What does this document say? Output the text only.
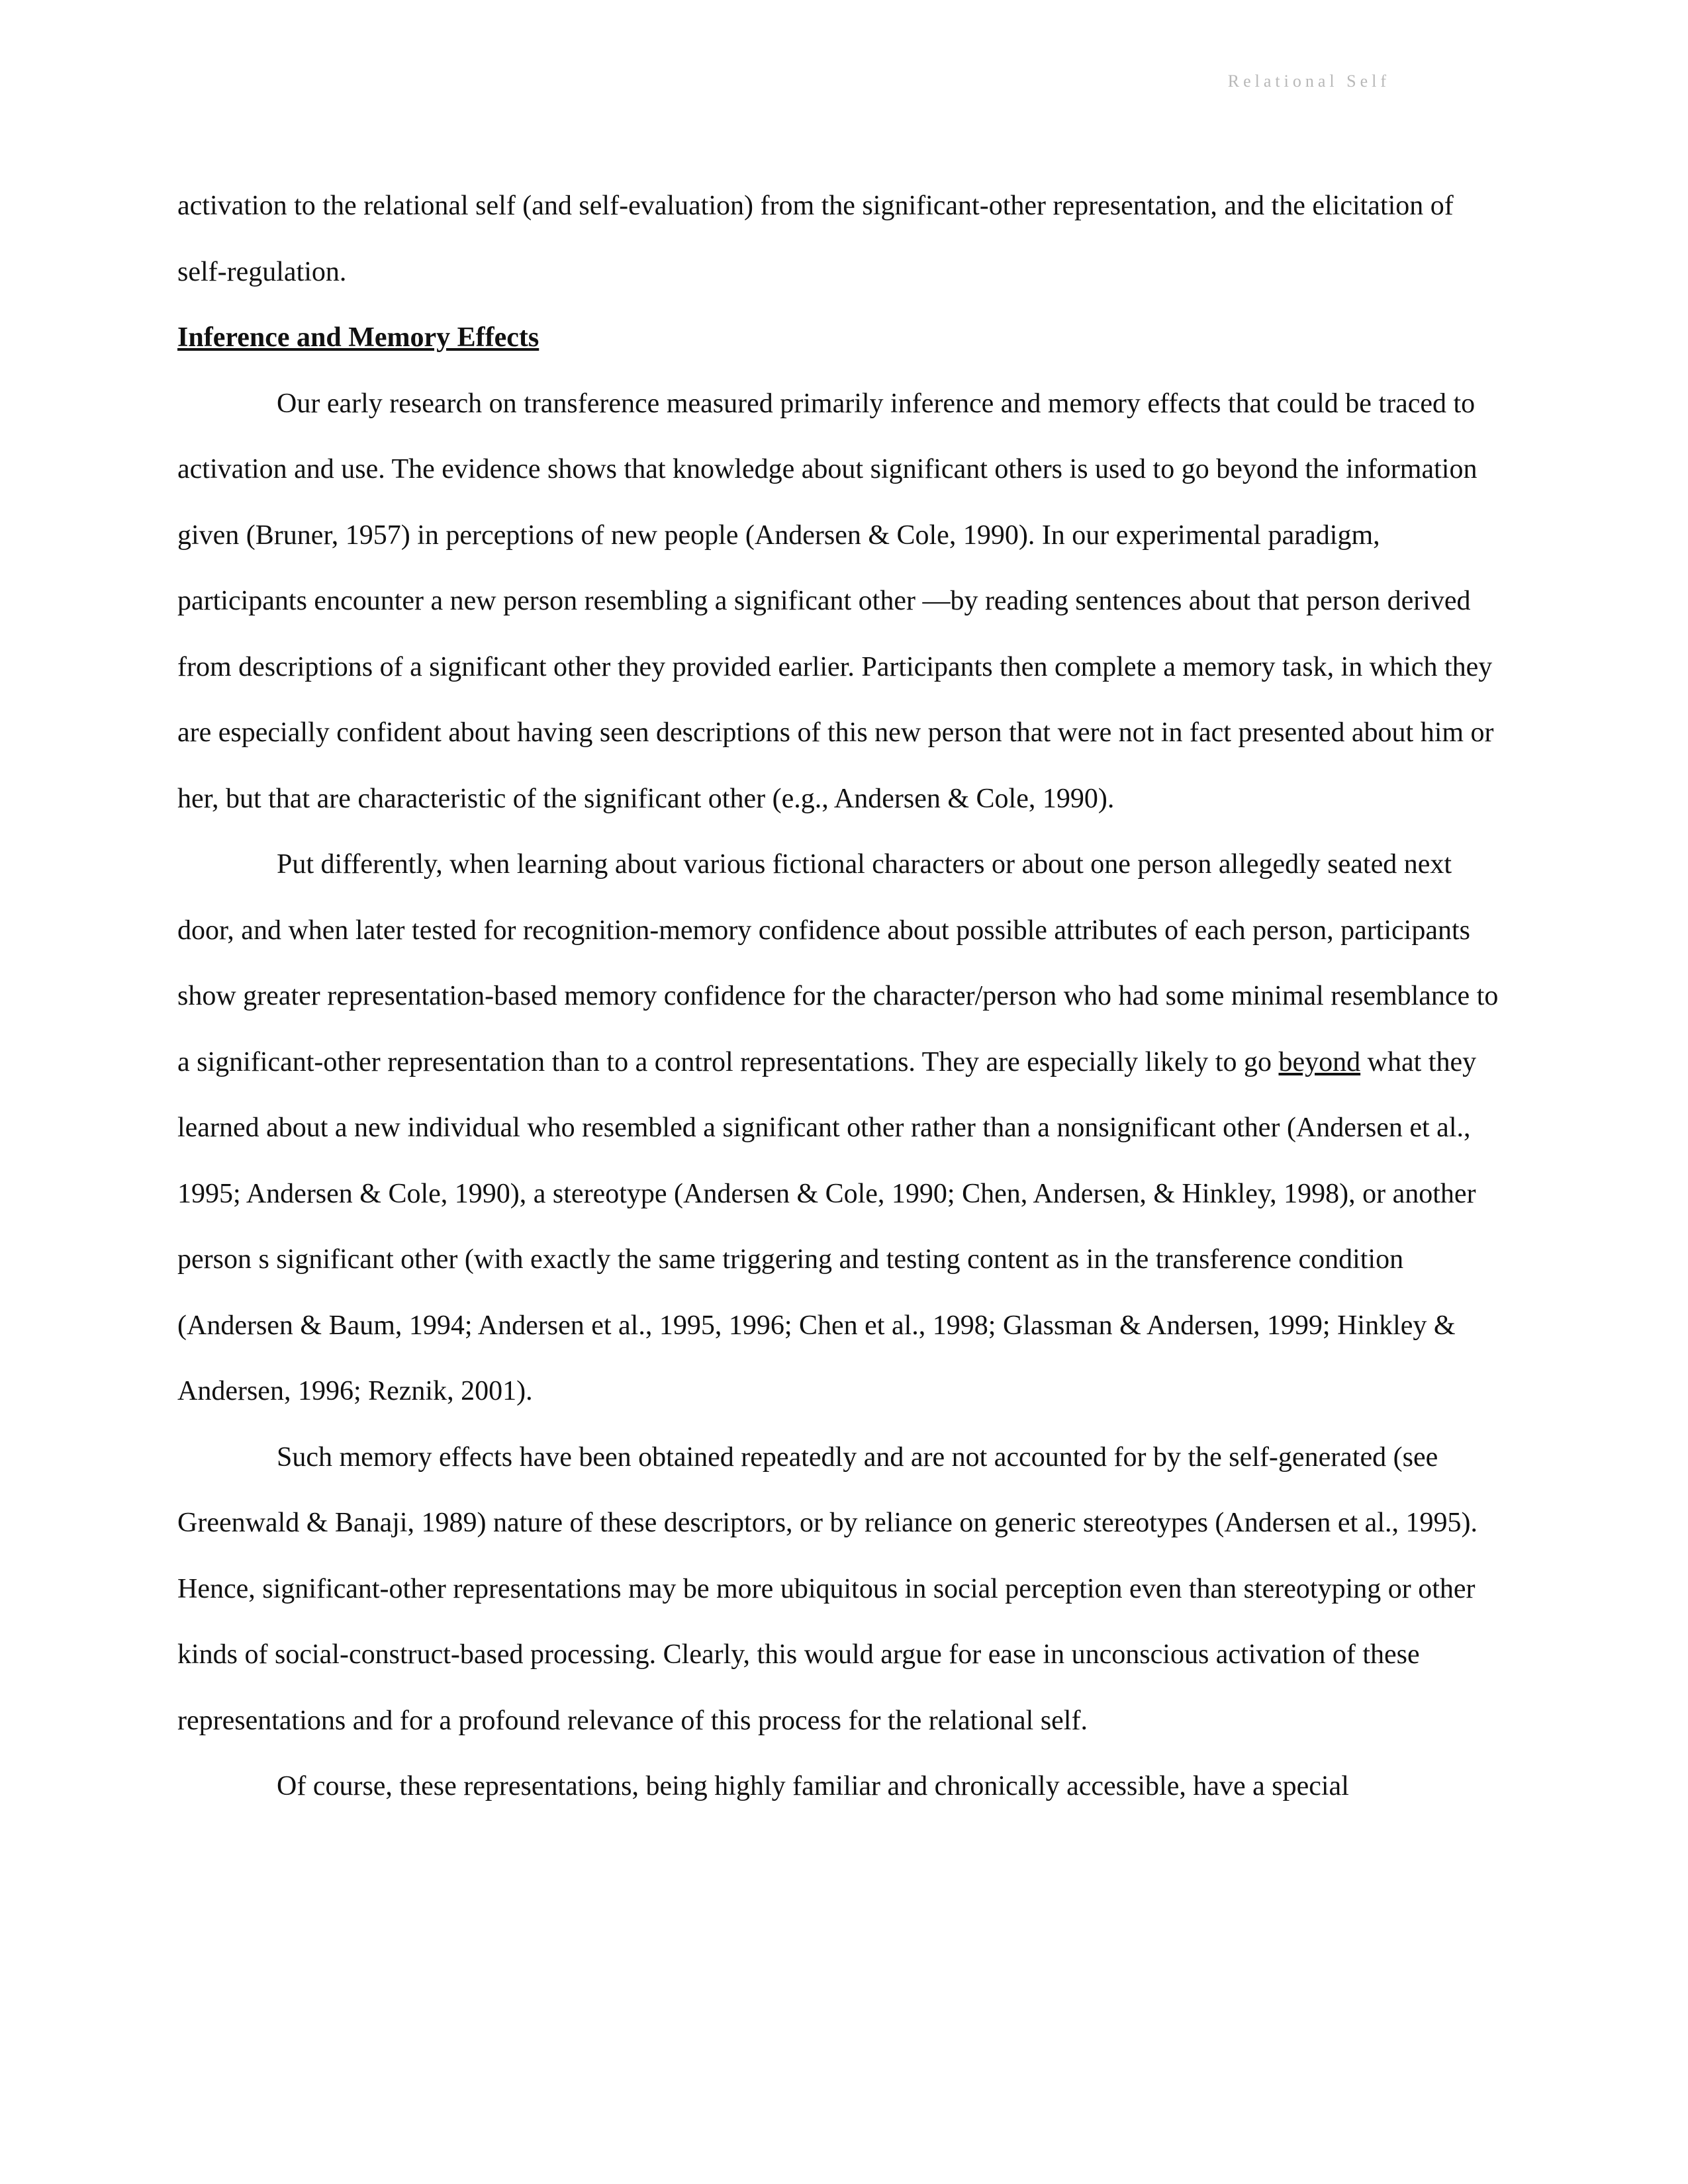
Relational Self

activation to the relational self (and self-evaluation) from the significant-other representation, and the elicitation of self-regulation.

Inference and Memory Effects

Our early research on transference measured primarily inference and memory effects that could be traced to activation and use. The evidence shows that knowledge about significant others is used to go beyond the information given (Bruner, 1957) in perceptions of new people (Andersen & Cole, 1990). In our experimental paradigm, participants encounter a new person resembling a significant other —by reading sentences about that person derived from descriptions of a significant other they provided earlier. Participants then complete a memory task, in which they are especially confident about having seen descriptions of this new person that were not in fact presented about him or her, but that are characteristic of the significant other (e.g., Andersen & Cole, 1990).

Put differently, when learning about various fictional characters or about one person allegedly seated next door, and when later tested for recognition-memory confidence about possible attributes of each person, participants show greater representation-based memory confidence for the character/person who had some minimal resemblance to a significant-other representation than to a control representations. They are especially likely to go beyond what they learned about a new individual who resembled a significant other rather than a nonsignificant other (Andersen et al., 1995; Andersen & Cole, 1990), a stereotype (Andersen & Cole, 1990; Chen, Andersen, & Hinkley, 1998), or another person s significant other (with exactly the same triggering and testing content as in the transference condition (Andersen & Baum, 1994; Andersen et al., 1995, 1996; Chen et al., 1998; Glassman & Andersen, 1999; Hinkley & Andersen, 1996; Reznik, 2001).

Such memory effects have been obtained repeatedly and are not accounted for by the self-generated (see Greenwald & Banaji, 1989) nature of these descriptors, or by reliance on generic stereotypes (Andersen et al., 1995). Hence, significant-other representations may be more ubiquitous in social perception even than stereotyping or other kinds of social-construct-based processing. Clearly, this would argue for ease in unconscious activation of these representations and for a profound relevance of this process for the relational self.

Of course, these representations, being highly familiar and chronically accessible, have a special
